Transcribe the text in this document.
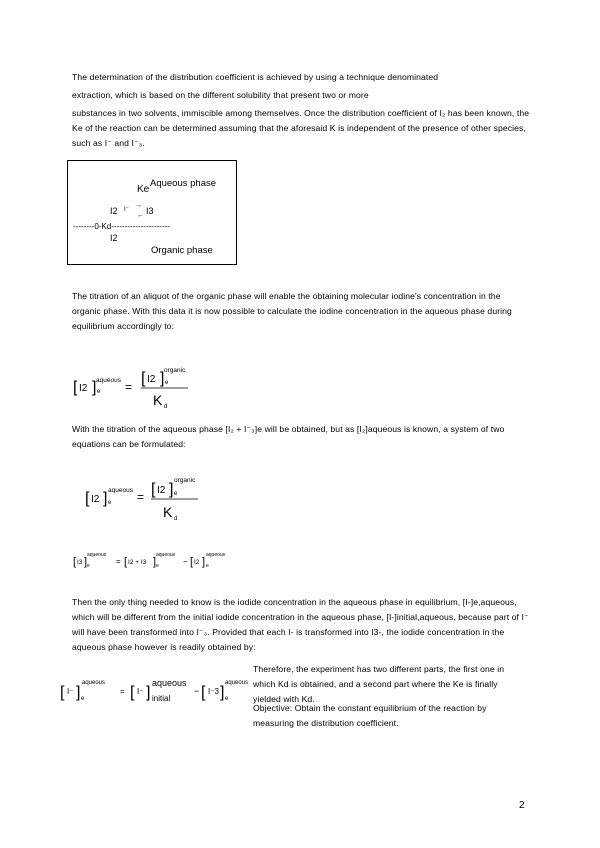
The determination of the distribution coefficient is achieved by using a technique denominated

extraction, which is based on the different solubility that present two or more

substances in two solvents, immiscible among themselves. Once the distribution coefficient of I₂ has been known, the Ke of the reaction can be determined assuming that the aforesaid K is independent of the presence of other species, such as I⁻ and I⁻₃.

Ke
Aqueous phase
I2 I⁻
→
← I3
--------0-Kd----------------------
I2
Organic phase

The titration of an aliquot of the organic phase will enable the obtaining molecular iodine's concentration in the organic phase. With this data it is now possible to calculate the iodine concentration in the aqueous phase during equilibrium accordingly to:

[ I2 ] aqueous
e = [ I2 ] organic
e
K d

With the titration of the aqueous phase [I₂ + I⁻₃]e will be obtained, but as [I₂]aqueous is known, a system of two equations can be formulated:

[ I2 ] aqueous
e = [ I2 ]
organic
e
K d
[ I3 ]
aqueous
e	= [ I2 + I3 ]
aqueous
e	− [ I2 ]
aqueous
e

Then the only thing needed to know is the iodide concentration in the aqueous phase in equilibrium, [I-]e,aqueous, which will be different from the initial iodide concentration in the aqueous phase, [I-]initial,aqueous, because part of I⁻ will have been transformed into I⁻₃. Provided that each I- is transformed into I3-, the iodide concentration in the aqueous phase however is readily obtained by:

[ I⁻ ]
aqueous
e
= [ I⁻ ]
aqueous
initial
− [ I⁻3 ]
aqueous
e

Therefore, the experiment has two different parts, the first one in which Kd is obtained, and a second part where the Ke is finally yielded with Kd.

Objective: Obtain the constant equilibrium of the reaction by measuring the distribution coefficient.

2
